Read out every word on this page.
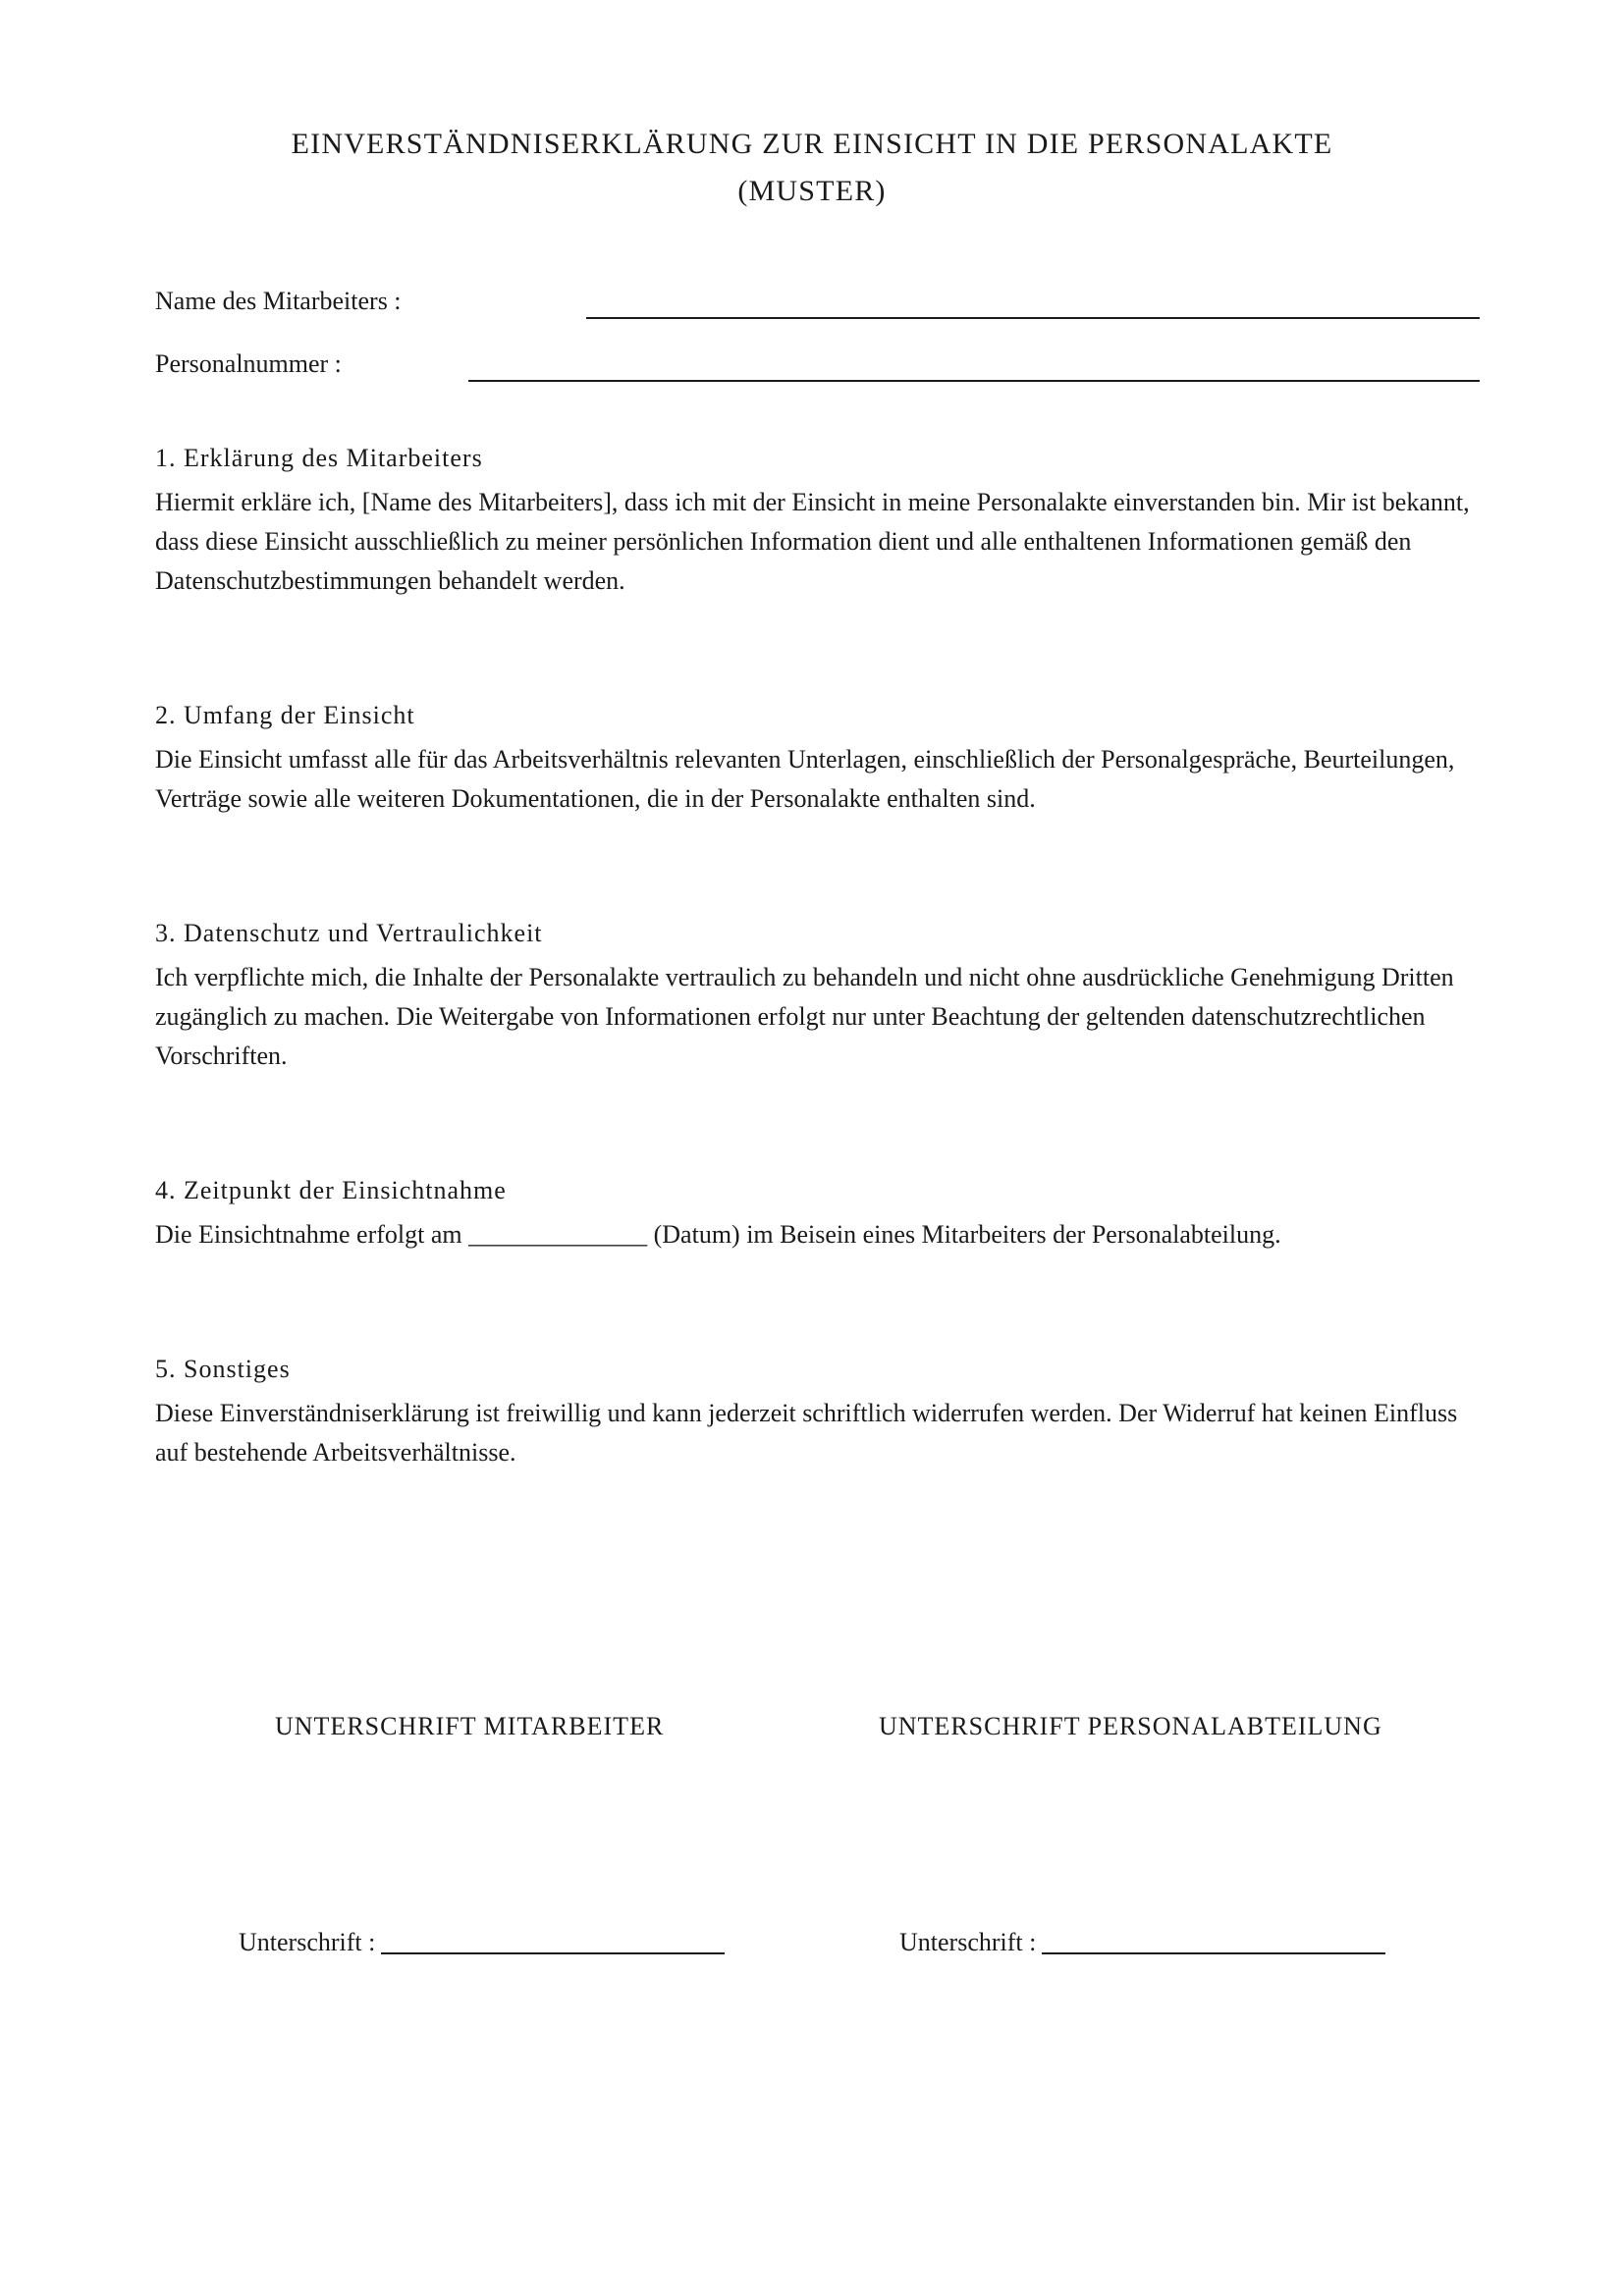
EINVERSTÄNDNISERKLÄRUNG ZUR EINSICHT IN DIE PERSONALAKTE
(MUSTER)
Name des Mitarbeiters :
Personalnummer :

1. Erklärung des Mitarbeiters

Hiermit erkläre ich, [Name des Mitarbeiters], dass ich mit der Einsicht in meine Personalakte einverstanden bin. Mir ist bekannt, dass diese Einsicht ausschließlich zu meiner persönlichen Information dient und alle enthaltenen Informationen gemäß den Datenschutzbestimmungen behandelt werden.

2. Umfang der Einsicht

Die Einsicht umfasst alle für das Arbeitsverhältnis relevanten Unterlagen, einschließlich der Personalgespräche, Beurteilungen, Verträge sowie alle weiteren Dokumentationen, die in der Personalakte enthalten sind.

3. Datenschutz und Vertraulichkeit

Ich verpflichte mich, die Inhalte der Personalakte vertraulich zu behandeln und nicht ohne ausdrückliche Genehmigung Dritten zugänglich zu machen. Die Weitergabe von Informationen erfolgt nur unter Beachtung der geltenden datenschutzrechtlichen Vorschriften.

4. Zeitpunkt der Einsichtnahme

Die Einsichtnahme erfolgt am ______________ (Datum) im Beisein eines Mitarbeiters der Personalabteilung.

5. Sonstiges

Diese Einverständniserklärung ist freiwillig und kann jederzeit schriftlich widerrufen werden. Der Widerruf hat keinen Einfluss auf bestehende Arbeitsverhältnisse.

UNTERSCHRIFT MITARBEITER	UNTERSCHRIFT PERSONALABTEILUNG
Unterschrift :	Unterschrift :
